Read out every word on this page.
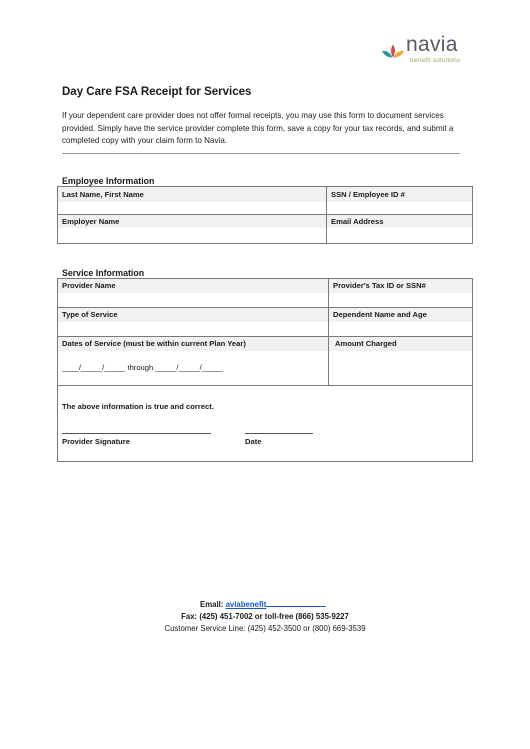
navia
benefit solutions
Day Care FSA Receipt for Services
If your dependent care provider does not offer formal receipts, you may use this form to document services provided. Simply have the service provider complete this form, save a copy for your tax records, and submit a completed copy with your claim form to Navia.
Employee Information
Last Name, First Name	SSN / Employee ID #
Employer Name	Email Address
Service Information
Provider Name	Provider's Tax ID or SSN#
Type of Service	Dependent Name and Age
Dates of Service (must be within current Plan Year)	Amount Charged
____/_____/_____ through _____/_____/_____
The above information is true and correct.
Provider Signature	Date
Email: aviabenefit
Fax: (425) 451-7002 or toll-free (866) 535-9227
Customer Service Line: (425) 452-3500 or (800) 669-3539
